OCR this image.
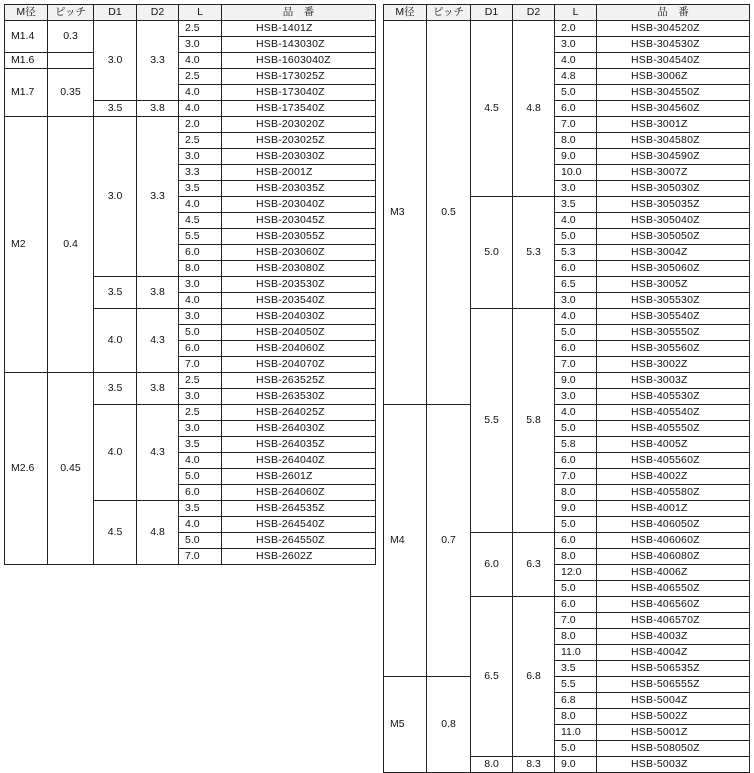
M径	ピッチ	D1	D2	L	品　番
M1.4	0.3	3.0	3.3	2.5	HSB-1401Z
				3.0	HSB-143030Z
M1.6				4.0	HSB-1603040Z
M1.7	0.35			2.5	HSB-173025Z
				4.0	HSB-173040Z
		3.5	3.8	4.0	HSB-173540Z
M2	0.4	3.0	3.3	2.0	HSB-203020Z
				2.5	HSB-203025Z
				3.0	HSB-203030Z
				3.3	HSB-2001Z
				3.5	HSB-203035Z
				4.0	HSB-203040Z
				4.5	HSB-203045Z
				5.5	HSB-203055Z
				6.0	HSB-203060Z
				8.0	HSB-203080Z
		3.5	3.8	3.0	HSB-203530Z
				4.0	HSB-203540Z
		4.0	4.3	3.0	HSB-204030Z
				5.0	HSB-204050Z
				6.0	HSB-204060Z
				7.0	HSB-204070Z
M2.6	0.45	3.5	3.8	2.5	HSB-263525Z
				3.0	HSB-263530Z
		4.0	4.3	2.5	HSB-264025Z
				3.0	HSB-264030Z
				3.5	HSB-264035Z
				4.0	HSB-264040Z
				5.0	HSB-2601Z
				6.0	HSB-264060Z
		4.5	4.8	3.5	HSB-264535Z
				4.0	HSB-264540Z
				5.0	HSB-264550Z
				7.0	HSB-2602Z
M径	ピッチ	D1	D2	L	品　番
M3	0.5	4.5	4.8	2.0	HSB-304520Z
				3.0	HSB-304530Z
				4.0	HSB-304540Z
				4.8	HSB-3006Z
				5.0	HSB-304550Z
				6.0	HSB-304560Z
				7.0	HSB-3001Z
				8.0	HSB-304580Z
				9.0	HSB-304590Z
				10.0	HSB-3007Z
				3.0	HSB-305030Z
		5.0	5.3	3.5	HSB-305035Z
				4.0	HSB-305040Z
				5.0	HSB-305050Z
				5.3	HSB-3004Z
				6.0	HSB-305060Z
				6.5	HSB-3005Z
				3.0	HSB-305530Z
		5.5	5.8	4.0	HSB-305540Z
				5.0	HSB-305550Z
				6.0	HSB-305560Z
				7.0	HSB-3002Z
				9.0	HSB-3003Z
				3.0	HSB-405530Z
M4	0.7			4.0	HSB-405540Z
				5.0	HSB-405550Z
				5.8	HSB-4005Z
				6.0	HSB-405560Z
				7.0	HSB-4002Z
				8.0	HSB-405580Z
				9.0	HSB-4001Z
				5.0	HSB-406050Z
		6.0	6.3	6.0	HSB-406060Z
				8.0	HSB-406080Z
				12.0	HSB-4006Z
				5.0	HSB-406550Z
		6.5	6.8	6.0	HSB-406560Z
				7.0	HSB-406570Z
				8.0	HSB-4003Z
				11.0	HSB-4004Z
				3.5	HSB-506535Z
M5	0.8			5.5	HSB-506555Z
				6.8	HSB-5004Z
				8.0	HSB-5002Z
				11.0	HSB-5001Z
				5.0	HSB-508050Z
		8.0	8.3	9.0	HSB-5003Z
